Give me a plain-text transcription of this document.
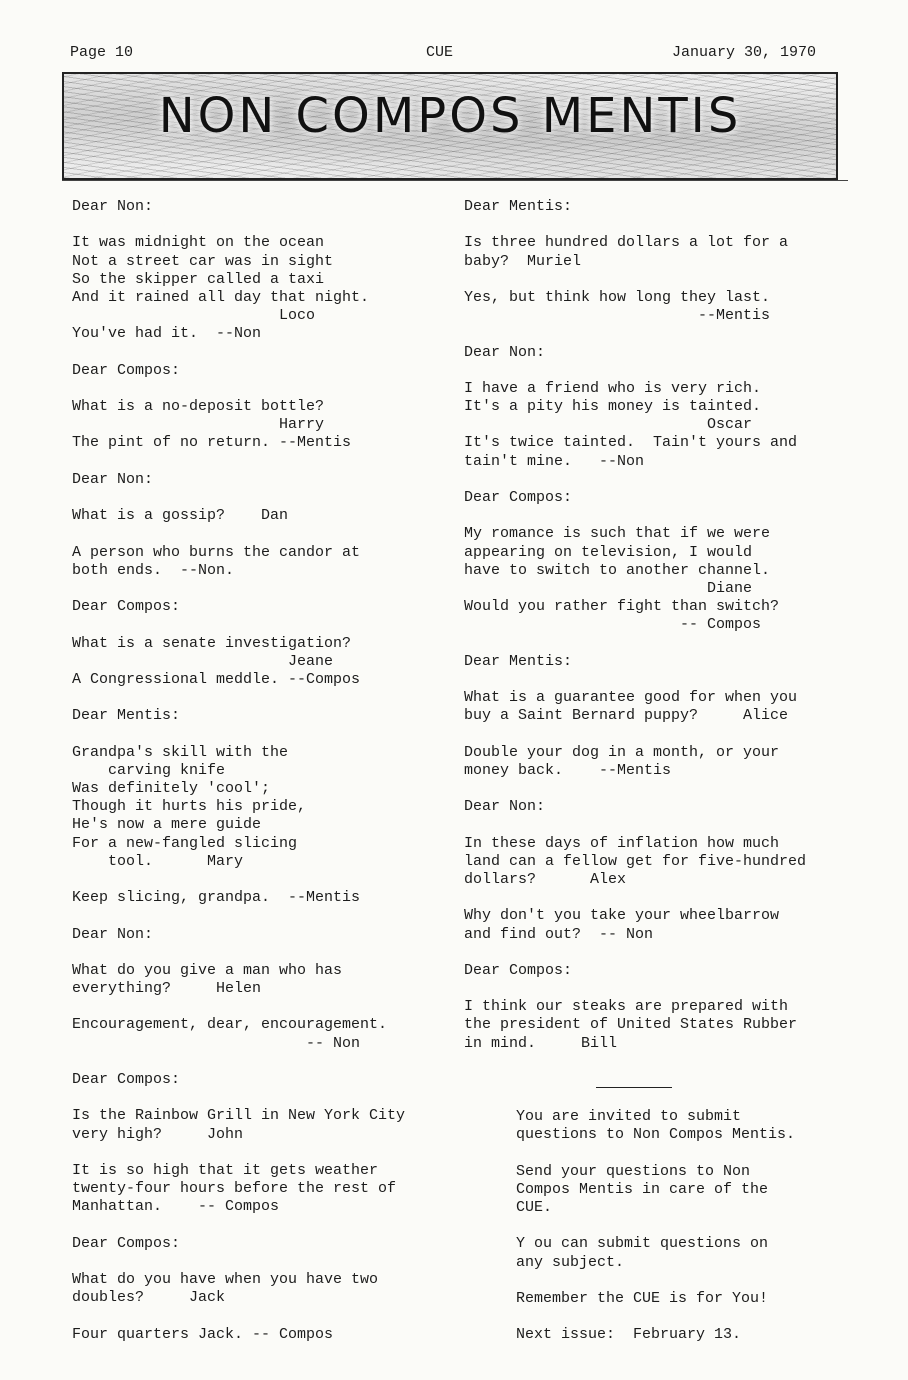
Page 10	CUE	January 30, 1970
NON COMPOS MENTIS
Dear Non:
It was midnight on the ocean
Not a street car was in sight
So the skipper called a taxi
And it rained all day that night.
Loco
You've had it.  --Non
Dear Compos:
What is a no-deposit bottle?
Harry
The pint of no return. --Mentis
Dear Non:
What is a gossip?    Dan
A person who burns the candor at
both ends.  --Non.
Dear Compos:
What is a senate investigation?
Jeane
A Congressional meddle. --Compos
Dear Mentis:
Grandpa's skill with the
carving knife
Was definitely 'cool';
Though it hurts his pride,
He's now a mere guide
For a new-fangled slicing
tool.      Mary
Keep slicing, grandpa.  --Mentis
Dear Non:
What do you give a man who has
everything?     Helen
Encouragement, dear, encouragement.
-- Non
Dear Compos:
Is the Rainbow Grill in New York City
very high?     John
It is so high that it gets weather
twenty-four hours before the rest of
Manhattan.    -- Compos
Dear Compos:
What do you have when you have two
doubles?     Jack
Four quarters Jack. -- Compos
Dear Mentis:
Is three hundred dollars a lot for a
baby?  Muriel
Yes, but think how long they last.
--Mentis
Dear Non:
I have a friend who is very rich.
It's a pity his money is tainted.
Oscar
It's twice tainted.  Tain't yours and
tain't mine.   --Non
Dear Compos:
My romance is such that if we were
appearing on television, I would
have to switch to another channel.
Diane
Would you rather fight than switch?
-- Compos
Dear Mentis:
What is a guarantee good for when you
buy a Saint Bernard puppy?     Alice
Double your dog in a month, or your
money back.    --Mentis
Dear Non:
In these days of inflation how much
land can a fellow get for five-hundred
dollars?      Alex
Why don't you take your wheelbarrow
and find out?  -- Non
Dear Compos:
I think our steaks are prepared with
the president of United States Rubber
in mind.     Bill
You are invited to submit
questions to Non Compos Mentis.
Send your questions to Non
Compos Mentis in care of the
CUE.
Y ou can submit questions on
any subject.
Remember the CUE is for You!
Next issue:  February 13.
